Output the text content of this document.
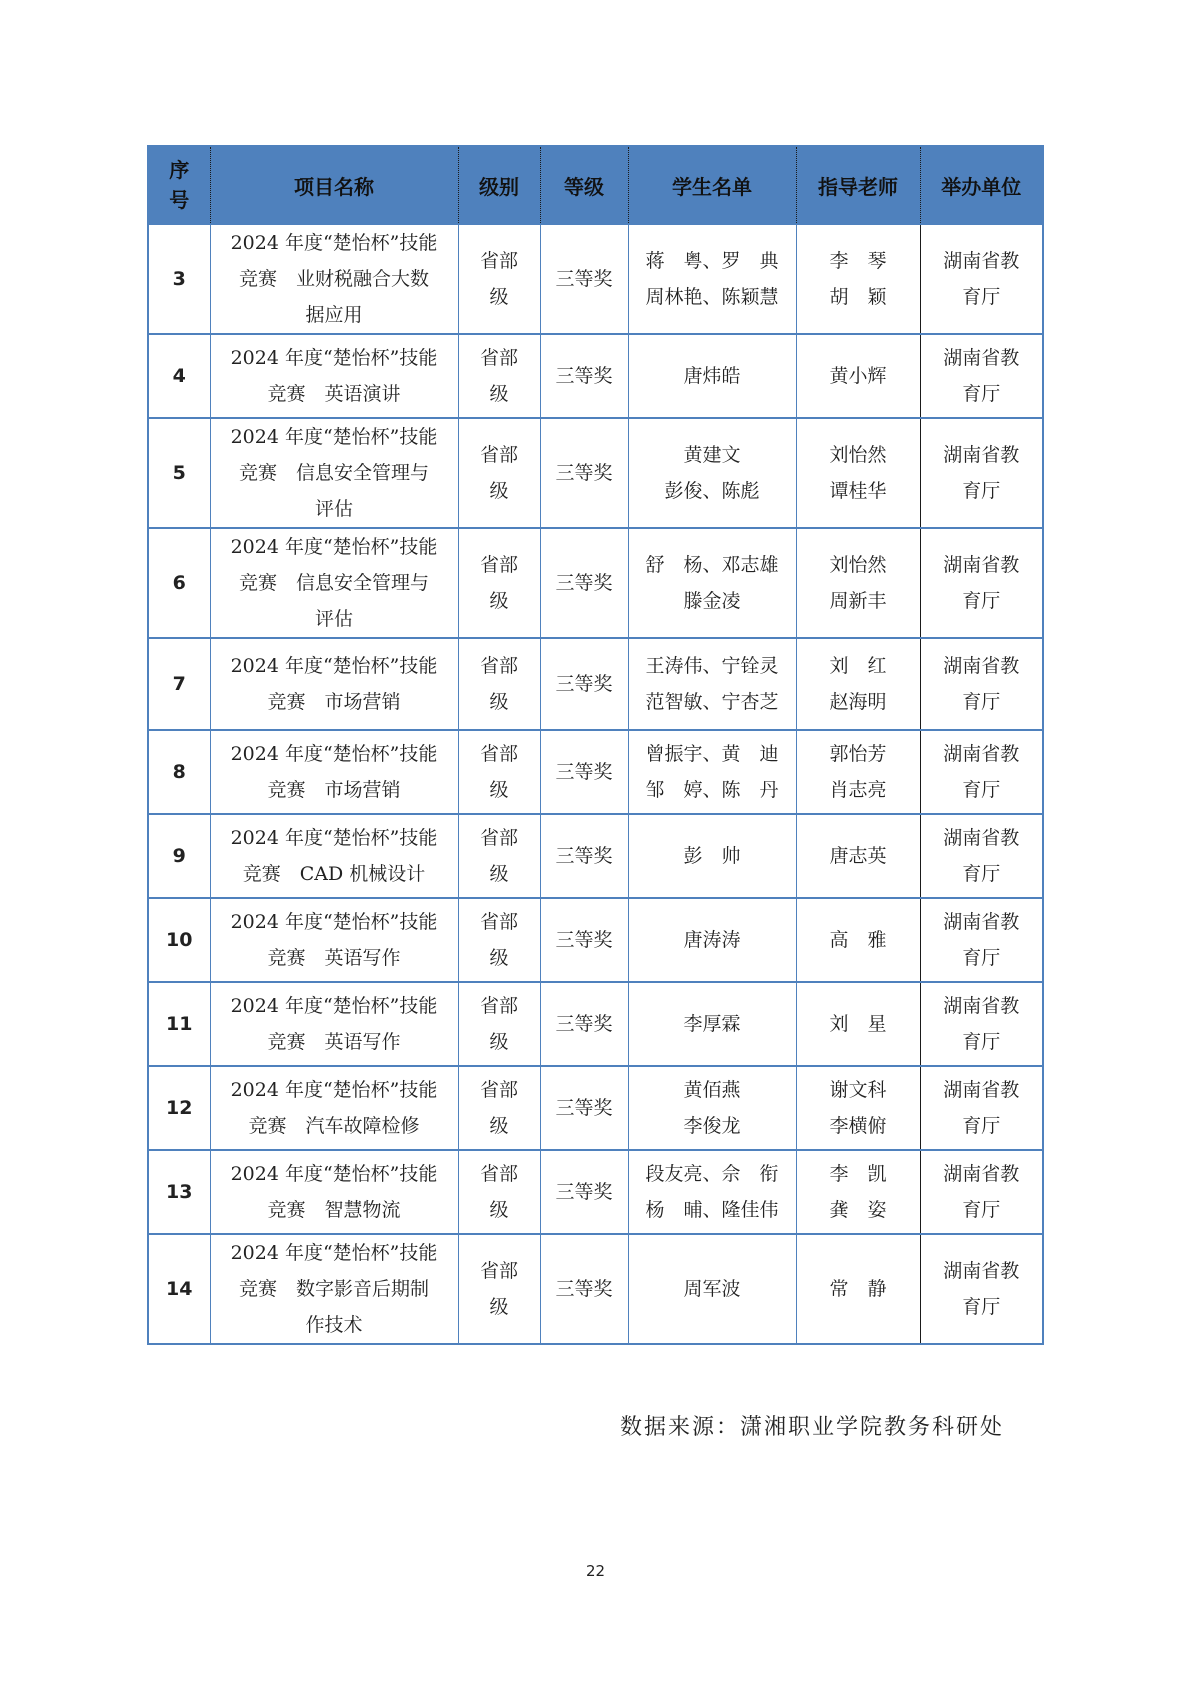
序
号	项目名称	级别	等级	学生名单	指导老师	举办单位
3	2024 年度“楚怡杯”技能
竞赛　业财税融合大数
据应用	省部
级	三等奖	蒋　粤、罗　典
周林艳、陈颖慧	李　琴
胡　颖	湖南省教
育厅

4	2024 年度“楚怡杯”技能
竞赛　英语演讲	省部
级	三等奖	唐炜皓	黄小辉	湖南省教
育厅

5	2024 年度“楚怡杯”技能
竞赛　信息安全管理与
评估	省部
级	三等奖	黄建文
彭俊、陈彪	刘怡然
谭桂华	湖南省教
育厅

6	2024 年度“楚怡杯”技能
竞赛　信息安全管理与
评估	省部
级	三等奖	舒　杨、邓志雄
滕金凌	刘怡然
周新丰	湖南省教
育厅

7	2024 年度“楚怡杯”技能
竞赛　市场营销	省部
级	三等奖	王涛伟、宁铨灵
范智敏、宁杏芝	刘　红
赵海明	湖南省教
育厅

8	2024 年度“楚怡杯”技能
竞赛　市场营销	省部
级	三等奖	曾振宇、黄　迪
邹　婷、陈　丹	郭怡芳
肖志亮	湖南省教
育厅

9	2024 年度“楚怡杯”技能
竞赛　CAD 机械设计	省部
级	三等奖	彭　帅	唐志英	湖南省教
育厅

10	2024 年度“楚怡杯”技能
竞赛　英语写作	省部
级	三等奖	唐涛涛	高　雅	湖南省教
育厅

11	2024 年度“楚怡杯”技能
竞赛　英语写作	省部
级	三等奖	李厚霖	刘　星	湖南省教
育厅

12	2024 年度“楚怡杯”技能
竞赛　汽车故障检修	省部
级	三等奖	黄佰燕
李俊龙	谢文科
李横俯	湖南省教
育厅

13	2024 年度“楚怡杯”技能
竞赛　智慧物流	省部
级	三等奖	段友亮、佘　衔
杨　晡、隆佳伟	李　凯
龚　姿	湖南省教
育厅

14	2024 年度“楚怡杯”技能
竞赛　数字影音后期制
作技术	省部
级	三等奖	周军波	常　静	湖南省教
育厅
数据来源：潇湘职业学院教务科研处
22
